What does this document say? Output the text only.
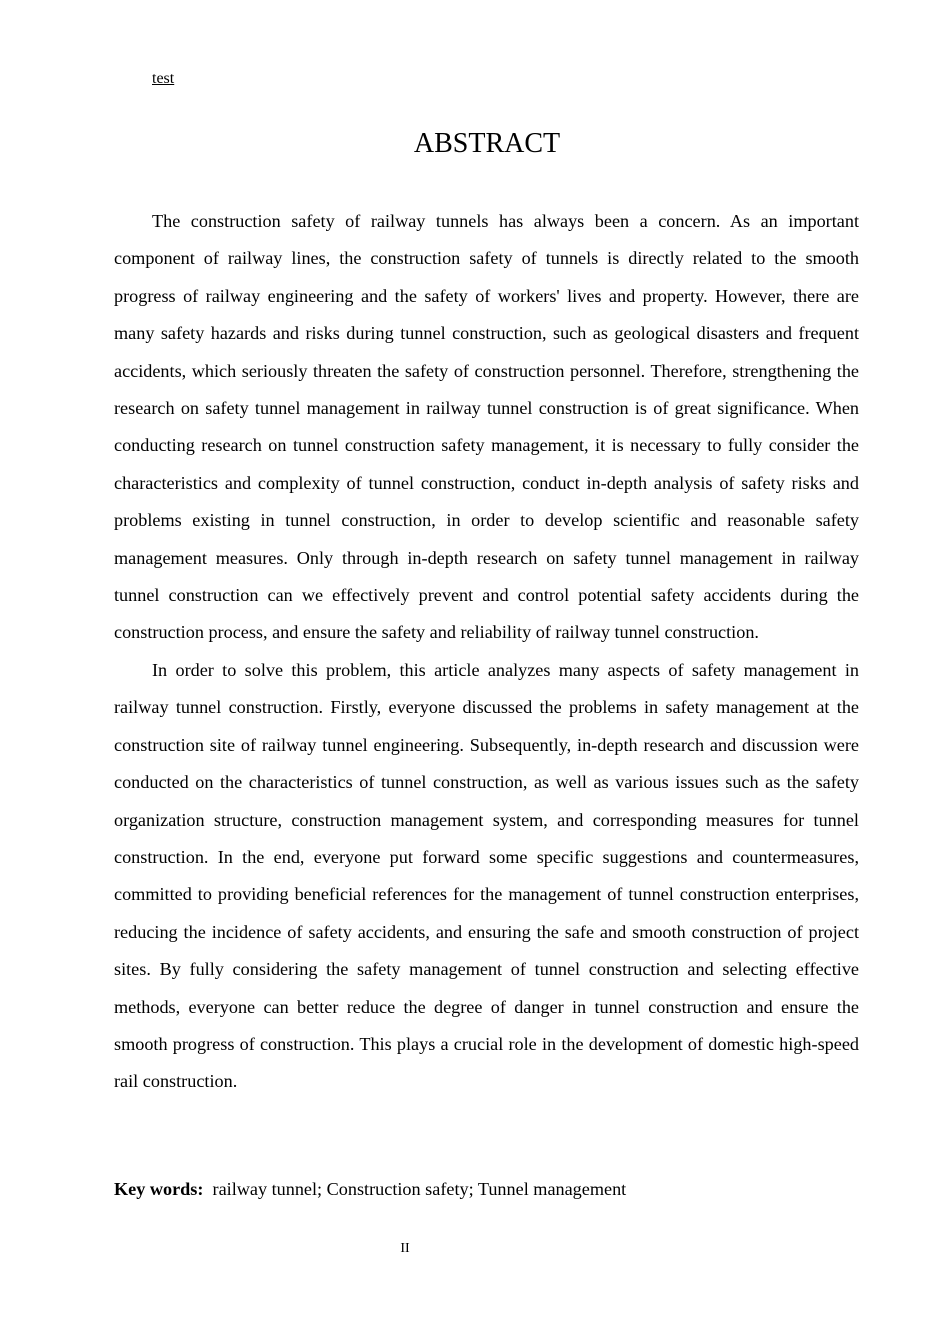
test
ABSTRACT

The construction safety of railway tunnels has always been a concern. As an important component of railway lines, the construction safety of tunnels is directly related to the smooth progress of railway engineering and the safety of workers' lives and property. However, there are many safety hazards and risks during tunnel construction, such as geological disasters and frequent accidents, which seriously threaten the safety of construction personnel. Therefore, strengthening the research on safety tunnel management in railway tunnel construction is of great significance. When conducting research on tunnel construction safety management, it is necessary to fully consider the characteristics and complexity of tunnel construction, conduct in-depth analysis of safety risks and problems existing in tunnel construction, in order to develop scientific and reasonable safety management measures. Only through in-depth research on safety tunnel management in railway tunnel construction can we effectively prevent and control potential safety accidents during the construction process, and ensure the safety and reliability of railway tunnel construction.

In order to solve this problem, this article analyzes many aspects of safety management in railway tunnel construction. Firstly, everyone discussed the problems in safety management at the construction site of railway tunnel engineering. Subsequently, in-depth research and discussion were conducted on the characteristics of tunnel construction, as well as various issues such as the safety organization structure, construction management system, and corresponding measures for tunnel construction. In the end, everyone put forward some specific suggestions and countermeasures, committed to providing beneficial references for the management of tunnel construction enterprises, reducing the incidence of safety accidents, and ensuring the safe and smooth construction of project sites. By fully considering the safety management of tunnel construction and selecting effective methods, everyone can better reduce the degree of danger in tunnel construction and ensure the smooth progress of construction. This plays a crucial role in the development of domestic high-speed rail construction.

Key words: railway tunnel; Construction safety; Tunnel management
II
